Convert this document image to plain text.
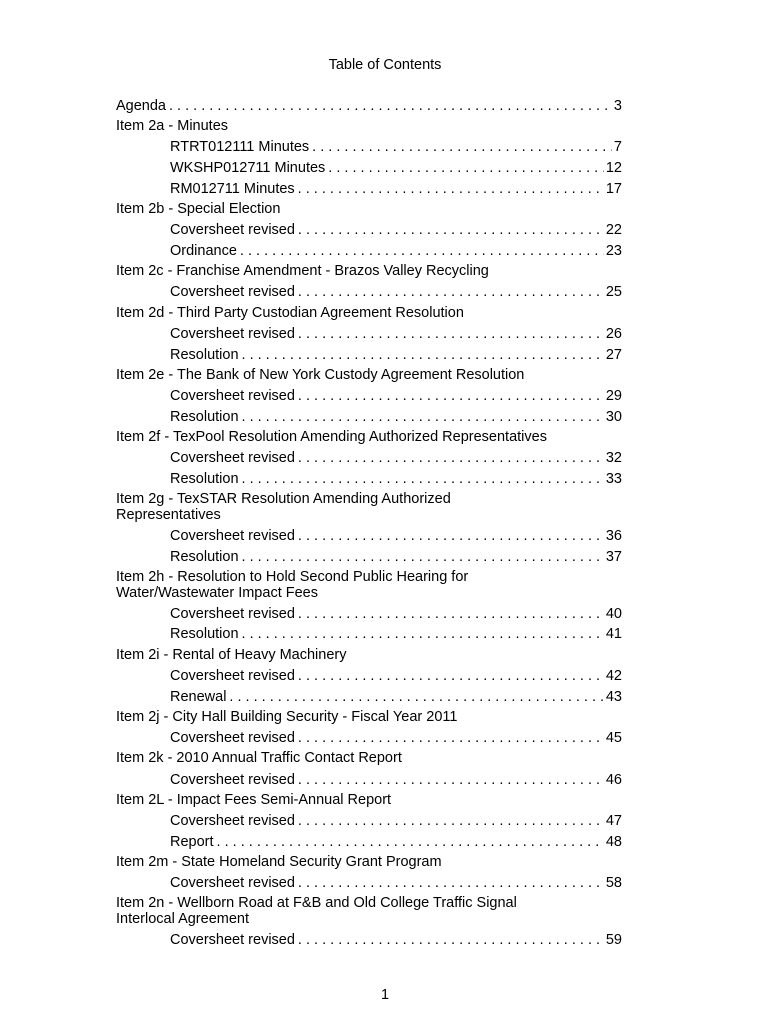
Table of Contents
Agenda . . .	3
Item 2a - Minutes
RTRT012111 Minutes . . .	7
WKSHP012711 Minutes . . .	12
RM012711 Minutes . . .	17
Item 2b - Special Election
Coversheet revised . . .	22
Ordinance . . .	23
Item 2c - Franchise Amendment - Brazos Valley Recycling
Coversheet revised . . .	25
Item 2d - Third Party Custodian Agreement Resolution
Coversheet revised . . .	26
Resolution . . .	27
Item 2e - The Bank of New York Custody Agreement Resolution
Coversheet revised . . .	29
Resolution . . .	30
Item 2f - TexPool Resolution Amending Authorized Representatives
Coversheet revised . . .	32
Resolution . . .	33
Item 2g - TexSTAR Resolution Amending Authorized Representatives
Coversheet revised . . .	36
Resolution . . .	37
Item 2h - Resolution to Hold Second Public Hearing for Water/Wastewater Impact Fees
Coversheet revised . . .	40
Resolution . . .	41
Item 2i - Rental of Heavy Machinery
Coversheet revised . . .	42
Renewal . . .	43
Item 2j - City Hall Building Security - Fiscal Year 2011
Coversheet revised . . .	45
Item 2k - 2010 Annual Traffic Contact Report
Coversheet revised . . .	46
Item 2L - Impact Fees Semi-Annual Report
Coversheet revised . . .	47
Report . . .	48
Item 2m - State Homeland Security Grant Program
Coversheet revised . . .	58
Item 2n - Wellborn Road at F&B and Old College Traffic Signal Interlocal Agreement
Coversheet revised . . .	59
1
